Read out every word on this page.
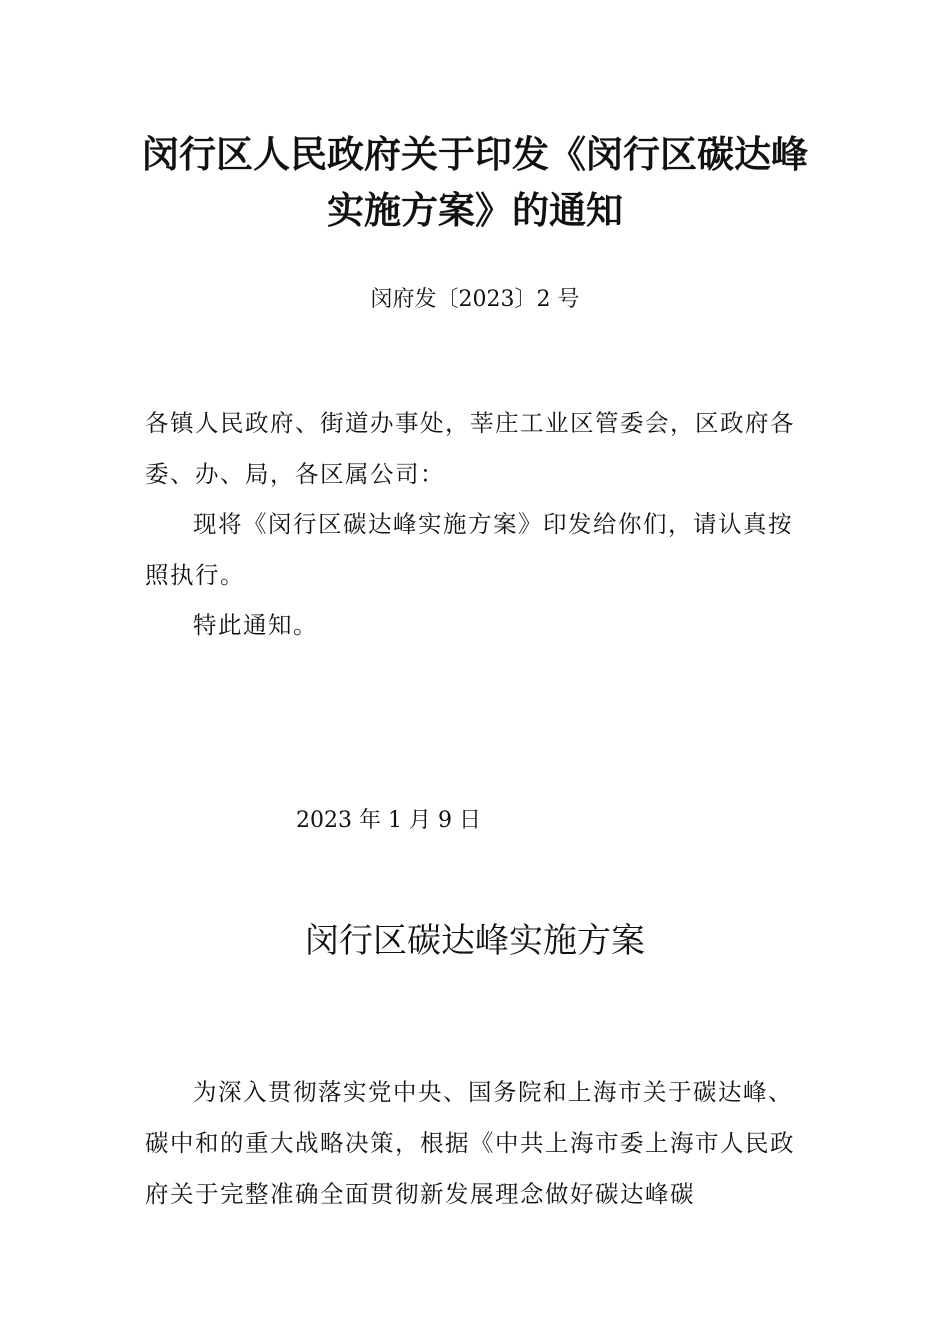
闵行区人民政府关于印发《闵行区碳达峰
实施方案》的通知
闵府发〔2023〕2 号

各镇人民政府、街道办事处，莘庄工业区管委会，区政府各委、办、局，各区属公司：

现将《闵行区碳达峰实施方案》印发给你们，请认真按照执行。

特此通知。

2023 年 1 月 9 日
闵行区碳达峰实施方案

为深入贯彻落实党中央、国务院和上海市关于碳达峰、碳中和的重大战略决策，根据《中共上海市委上海市人民政府关于完整准确全面贯彻新发展理念做好碳达峰碳
